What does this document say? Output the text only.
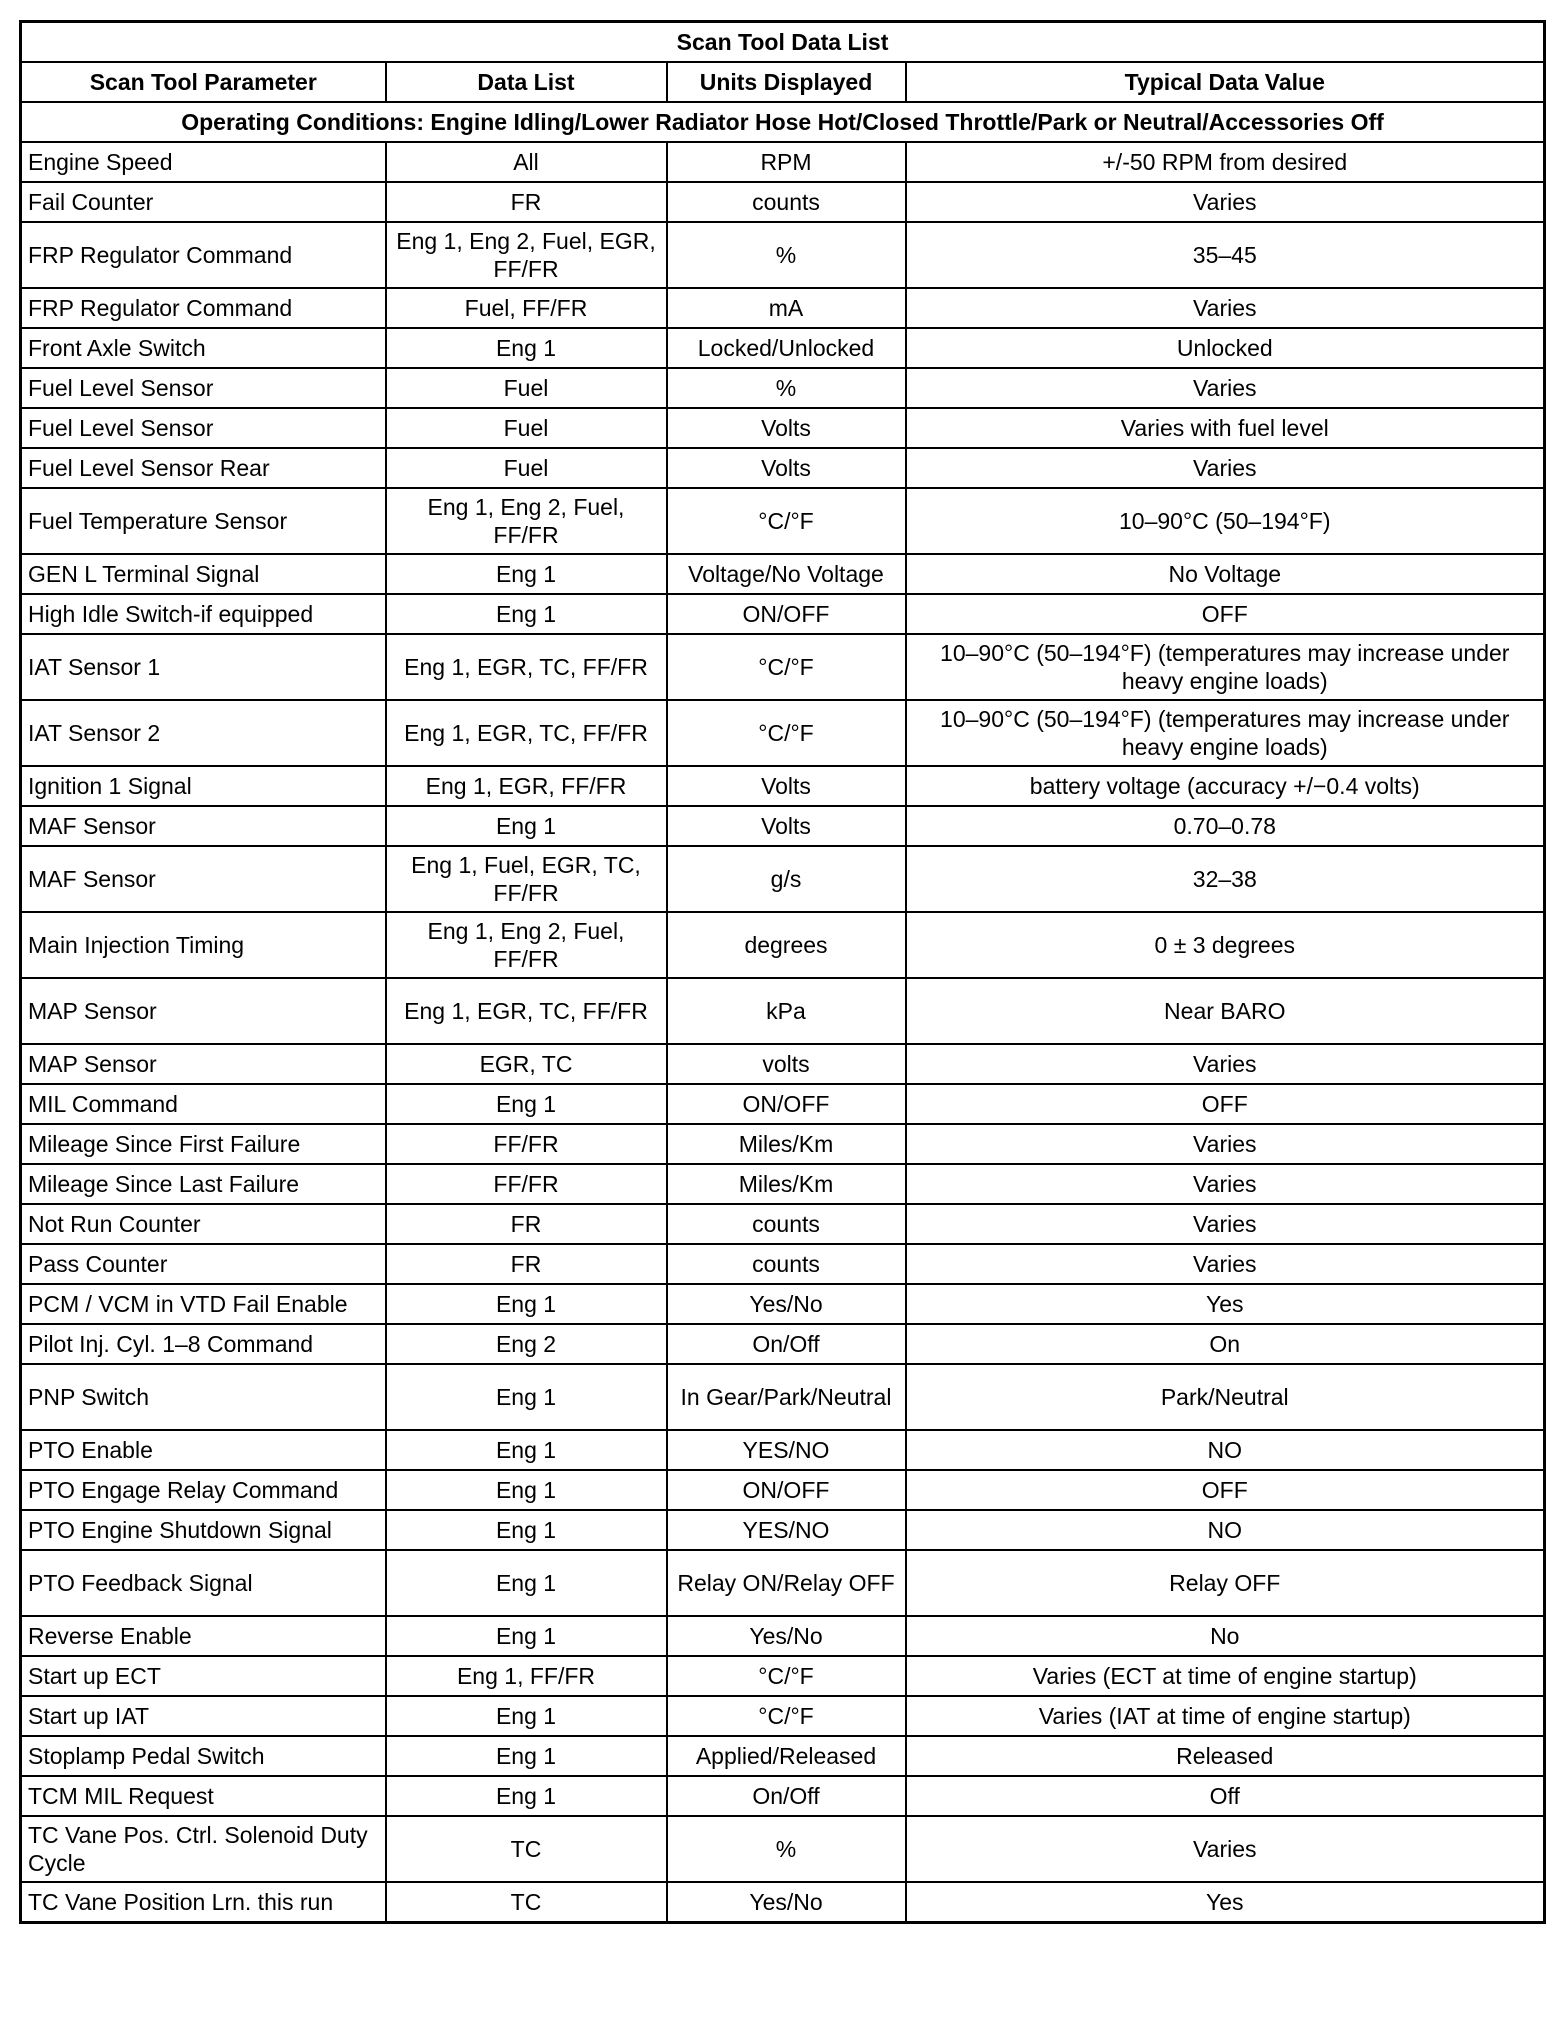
Scan Tool Data List			
Scan Tool Parameter	Data List	Units Displayed	Typical Data Value
Operating Conditions: Engine Idling/Lower Radiator Hose Hot/Closed Throttle/Park or Neutral/Accessories Off			
Engine Speed	All	RPM	+/-50 RPM from desired
Fail Counter	FR	counts	Varies
FRP Regulator Command	Eng 1, Eng 2, Fuel, EGR, FF/FR	%	35–45
FRP Regulator Command	Fuel, FF/FR	mA	Varies
Front Axle Switch	Eng 1	Locked/Unlocked	Unlocked
Fuel Level Sensor	Fuel	%	Varies
Fuel Level Sensor	Fuel	Volts	Varies with fuel level
Fuel Level Sensor Rear	Fuel	Volts	Varies
Fuel Temperature Sensor	Eng 1, Eng 2, Fuel, FF/FR	°C/°F	10–90°C (50–194°F)
GEN L Terminal Signal	Eng 1	Voltage/No Voltage	No Voltage
High Idle Switch-if equipped	Eng 1	ON/OFF	OFF
IAT Sensor 1	Eng 1, EGR, TC, FF/FR	°C/°F	10–90°C (50–194°F) (temperatures may increase under heavy engine loads)
IAT Sensor 2	Eng 1, EGR, TC, FF/FR	°C/°F	10–90°C (50–194°F) (temperatures may increase under heavy engine loads)
Ignition 1 Signal	Eng 1, EGR, FF/FR	Volts	battery voltage (accuracy +/−0.4 volts)
MAF Sensor	Eng 1	Volts	0.70–0.78
MAF Sensor	Eng 1, Fuel, EGR, TC, FF/FR	g/s	32–38
Main Injection Timing	Eng 1, Eng 2, Fuel, FF/FR	degrees	0 ± 3 degrees
MAP Sensor	Eng 1, EGR, TC, FF/FR	kPa	Near BARO
MAP Sensor	EGR, TC	volts	Varies
MIL Command	Eng 1	ON/OFF	OFF
Mileage Since First Failure	FF/FR	Miles/Km	Varies
Mileage Since Last Failure	FF/FR	Miles/Km	Varies
Not Run Counter	FR	counts	Varies
Pass Counter	FR	counts	Varies
PCM / VCM in VTD Fail Enable	Eng 1	Yes/No	Yes
Pilot Inj. Cyl. 1–8 Command	Eng 2	On/Off	On
PNP Switch	Eng 1	In Gear/Park/Neutral	Park/Neutral
PTO Enable	Eng 1	YES/NO	NO
PTO Engage Relay Command	Eng 1	ON/OFF	OFF
PTO Engine Shutdown Signal	Eng 1	YES/NO	NO
PTO Feedback Signal	Eng 1	Relay ON/Relay OFF	Relay OFF
Reverse Enable	Eng 1	Yes/No	No
Start up ECT	Eng 1, FF/FR	°C/°F	Varies (ECT at time of engine startup)
Start up IAT	Eng 1	°C/°F	Varies (IAT at time of engine startup)
Stoplamp Pedal Switch	Eng 1	Applied/Released	Released
TCM MIL Request	Eng 1	On/Off	Off
TC Vane Pos. Ctrl. Solenoid Duty Cycle	TC	%	Varies
TC Vane Position Lrn. this run	TC	Yes/No	Yes
